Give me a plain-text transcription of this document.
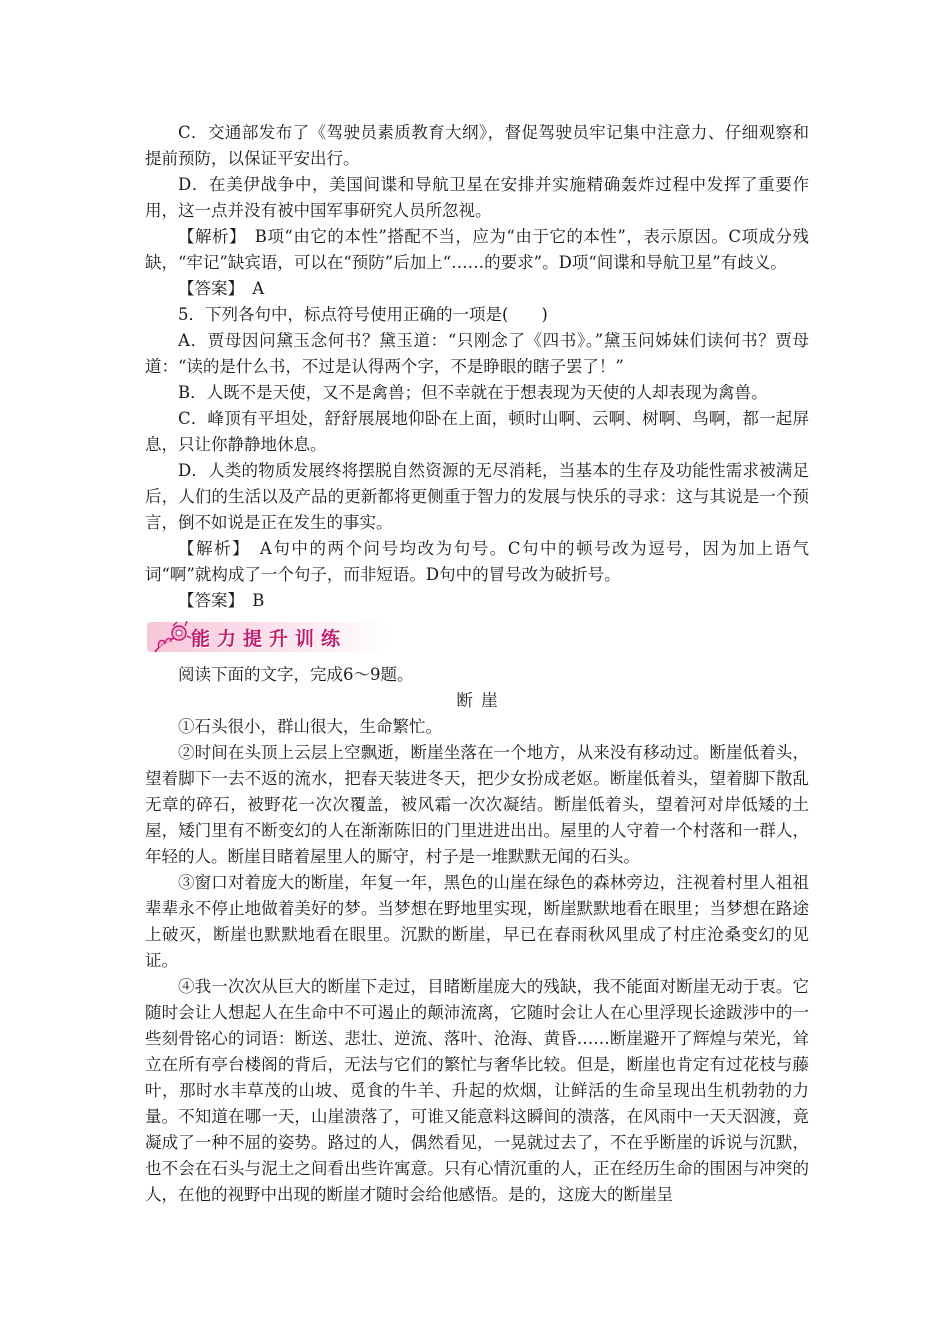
C．交通部发布了《驾驶员素质教育大纲》，督促驾驶员牢记集中注意力、仔细观察和提前预防，以保证平安出行。

D．在美伊战争中，美国间谍和导航卫星在安排并实施精确轰炸过程中发挥了重要作用，这一点并没有被中国军事研究人员所忽视。

【解析】　B项“由它的本性”搭配不当，应为“由于它的本性”，表示原因。C项成分残缺，“牢记”缺宾语，可以在“预防”后加上“……的要求”。D项“间谍和导航卫星”有歧义。

【答案】　A

5．下列各句中，标点符号使用正确的一项是(　　)

A．贾母因问黛玉念何书？黛玉道：“只刚念了《四书》。”黛玉问姊妹们读何书？贾母道：“读的是什么书，不过是认得两个字，不是睁眼的瞎子罢了！”

B．人既不是天使，又不是禽兽；但不幸就在于想表现为天使的人却表现为禽兽。

C．峰顶有平坦处，舒舒展展地仰卧在上面，顿时山啊、云啊、树啊、鸟啊，都一起屏息，只让你静静地休息。

D．人类的物质发展终将摆脱自然资源的无尽消耗，当基本的生存及功能性需求被满足后，人们的生活以及产品的更新都将更侧重于智力的发展与快乐的寻求：这与其说是一个预言，倒不如说是正在发生的事实。

【解析】　A句中的两个问号均改为句号。C句中的顿号改为逗号，因为加上语气词“啊”就构成了一个句子，而非短语。D句中的冒号改为破折号。

【答案】　B

能力提升训练

阅读下面的文字，完成6～9题。

断崖

①石头很小，群山很大，生命繁忙。

②时间在头顶上云层上空飘逝，断崖坐落在一个地方，从来没有移动过。断崖低着头，望着脚下一去不返的流水，把春天装进冬天，把少女扮成老妪。断崖低着头，望着脚下散乱无章的碎石，被野花一次次覆盖，被风霜一次次凝结。断崖低着头，望着河对岸低矮的土屋，矮门里有不断变幻的人在渐渐陈旧的门里进进出出。屋里的人守着一个村落和一群人，年轻的人。断崖目睹着屋里人的厮守，村子是一堆默默无闻的石头。

③窗口对着庞大的断崖，年复一年，黑色的山崖在绿色的森林旁边，注视着村里人祖祖辈辈永不停止地做着美好的梦。当梦想在野地里实现，断崖默默地看在眼里；当梦想在路途上破灭，断崖也默默地看在眼里。沉默的断崖，早已在春雨秋风里成了村庄沧桑变幻的见证。

④我一次次从巨大的断崖下走过，目睹断崖庞大的残缺，我不能面对断崖无动于衷。它随时会让人想起人在生命中不可遏止的颠沛流离，它随时会让人在心里浮现长途跋涉中的一些刻骨铭心的词语：断送、悲壮、逆流、落叶、沧海、黄昏……断崖避开了辉煌与荣光，耸立在所有亭台楼阁的背后，无法与它们的繁忙与奢华比较。但是，断崖也肯定有过花枝与藤叶，那时水丰草茂的山坡、觅食的牛羊、升起的炊烟，让鲜活的生命呈现出生机勃勃的力量。不知道在哪一天，山崖溃落了，可谁又能意料这瞬间的溃落，在风雨中一天天泅渡，竟凝成了一种不屈的姿势。路过的人，偶然看见，一晃就过去了，不在乎断崖的诉说与沉默，也不会在石头与泥土之间看出些许寓意。只有心情沉重的人，正在经历生命的围困与冲突的人，在他的视野中出现的断崖才随时会给他感悟。是的，这庞大的断崖呈
